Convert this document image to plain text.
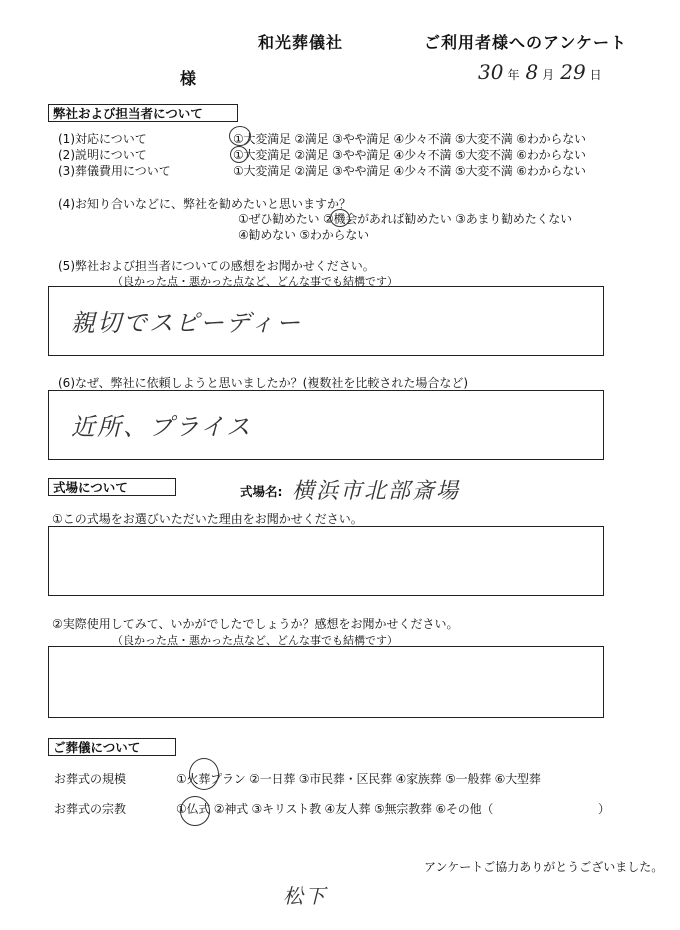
和光葬儀社	ご利用者様へのアンケート
様	30 年 8 月 29 日
弊社および担当者について
(1)対応について	①大変満足 ②満足 ③やや満足 ④少々不満 ⑤大変不満 ⑥わからない
(2)説明について	①大変満足 ②満足 ③やや満足 ④少々不満 ⑤大変不満 ⑥わからない
(3)葬儀費用について	①大変満足 ②満足 ③やや満足 ④少々不満 ⑤大変不満 ⑥わからない
(4)お知り合いなどに、弊社を勧めたいと思いますか？
①ぜひ勧めたい ②機会があれば勧めたい ③あまり勧めたくない
④勧めない ⑤わからない
(5)弊社および担当者についての感想をお聞かせください。
（良かった点・悪かった点など、どんな事でも結構です）
親切でスピーディー
(6)なぜ、弊社に依頼しようと思いましたか？(複数社を比較された場合など)
近所、プライス
式場について	式場名: 横浜市北部斎場
①この式場をお選びいただいた理由をお聞かせください。
②実際使用してみて、いかがでしたでしょうか？感想をお聞かせください。
（良かった点・悪かった点など、どんな事でも結構です）
ご葬儀について
お葬式の規模	①火葬プラン ②一日葬 ③市民葬・区民葬 ④家族葬 ⑤一般葬 ⑥大型葬
お葬式の宗教	①仏式 ②神式 ③キリスト教 ④友人葬 ⑤無宗教葬 ⑥その他（	）
アンケートご協力ありがとうございました。
松下
